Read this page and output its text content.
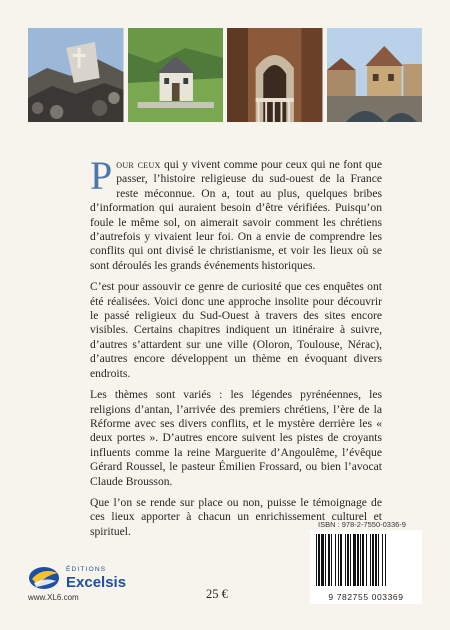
Pour ceux qui y vivent comme pour ceux qui ne font que passer, l’histoire religieuse du sud-ouest de la France reste méconnue. On a, tout au plus, quelques bribes d’information qui auraient besoin d’être vérifiées. Puisqu’on foule le même sol, on aimerait savoir comment les chrétiens d’autrefois y vivaient leur foi. On a envie de comprendre les conflits qui ont divisé le christianisme, et voir les lieux où se sont déroulés les grands événements historiques.

C’est pour assouvir ce genre de curiosité que ces enquêtes ont été réalisées. Voici donc une approche insolite pour découvrir le passé religieux du Sud-Ouest à travers des sites encore visibles. Certains chapitres indiquent un itinéraire à suivre, d’autres s’attardent sur une ville (Oloron, Toulouse, Nérac), d’autres encore développent un thème en évoquant divers endroits.

Les thèmes sont variés : les légendes pyrénéennes, les religions d’antan, l’arrivée des premiers chrétiens, l’ère de la Réforme avec ses divers conflits, et le mystère derrière les « deux portes ». D’autres encore suivent les pistes de croyants influents comme la reine Marguerite d’Angoulême, l’évêque Gérard Roussel, le pasteur Émilien Frossard, ou bien l’avocat Claude Brousson.

Que l’on se rende sur place ou non, puisse le témoignage de ces lieux apporter à chacun un enrichissement culturel et spirituel.

ÉDITIONS
Excelsis
www.XL6.com	25 €
ISBN : 978-2-7550-0336-9
9 782755 003369
